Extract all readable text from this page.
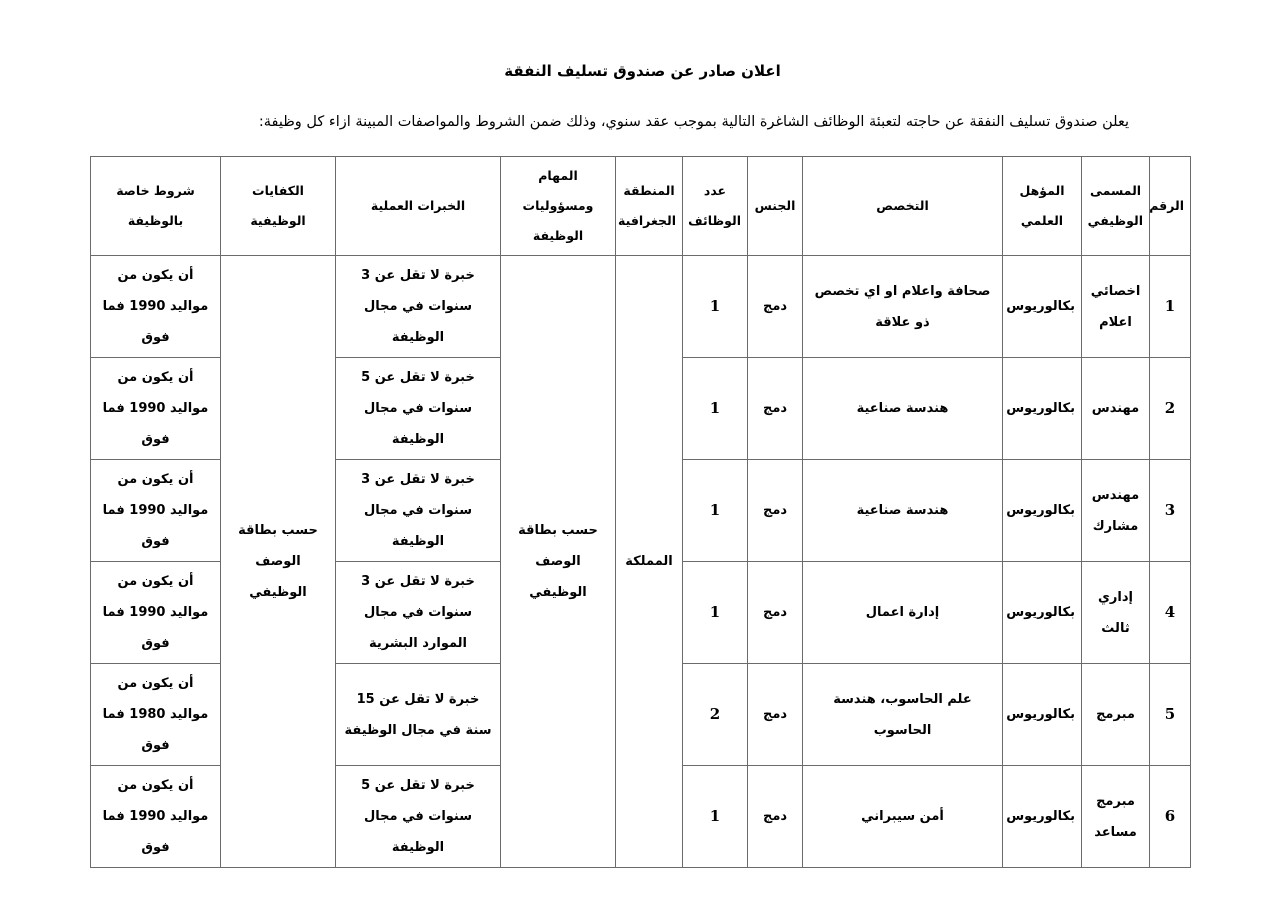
اعلان صادر عن صندوق تسليف النفقة
يعلن صندوق تسليف النفقة عن حاجته لتعبئة الوظائف الشاغرة التالية بموجب عقد سنوي، وذلك ضمن الشروط والمواصفات المبينة ازاء كل وظيفة:
الرقم	المسمى الوظيفي	المؤهل العلمي	التخصص	الجنس	عدد الوظائف	المنطقة الجغرافية	المهام ومسؤوليات الوظيفة	الخبرات العملية	الكفايات الوظيفية	شروط خاصة بالوظيفة
1	اخصائي اعلام	بكالوريوس	صحافة واعلام او اي تخصص ذو علاقة	دمج	1	المملكة	حسب بطاقة الوصف الوظيفي	خبرة لا تقل عن 3 سنوات في مجال الوظيفة	حسب بطاقة الوصف الوظيفي	أن يكون من مواليد 1990 فما فوق
2	مهندس	بكالوريوس	هندسة صناعية	دمج	1			خبرة لا تقل عن 5 سنوات في مجال الوظيفة		أن يكون من مواليد 1990 فما فوق
3	مهندس مشارك	بكالوريوس	هندسة صناعية	دمج	1			خبرة لا تقل عن 3 سنوات في مجال الوظيفة		أن يكون من مواليد 1990 فما فوق
4	إداري ثالث	بكالوريوس	إدارة اعمال	دمج	1			خبرة لا تقل عن 3 سنوات في مجال الموارد البشرية		أن يكون من مواليد 1990 فما فوق
5	مبرمج	بكالوريوس	علم الحاسوب، هندسة الحاسوب	دمج	2			خبرة لا تقل عن 15 سنة في مجال الوظيفة		أن يكون من مواليد 1980 فما فوق
6	مبرمج مساعد	بكالوريوس	أمن سيبراني	دمج	1			خبرة لا تقل عن 5 سنوات في مجال الوظيفة		أن يكون من مواليد 1990 فما فوق
